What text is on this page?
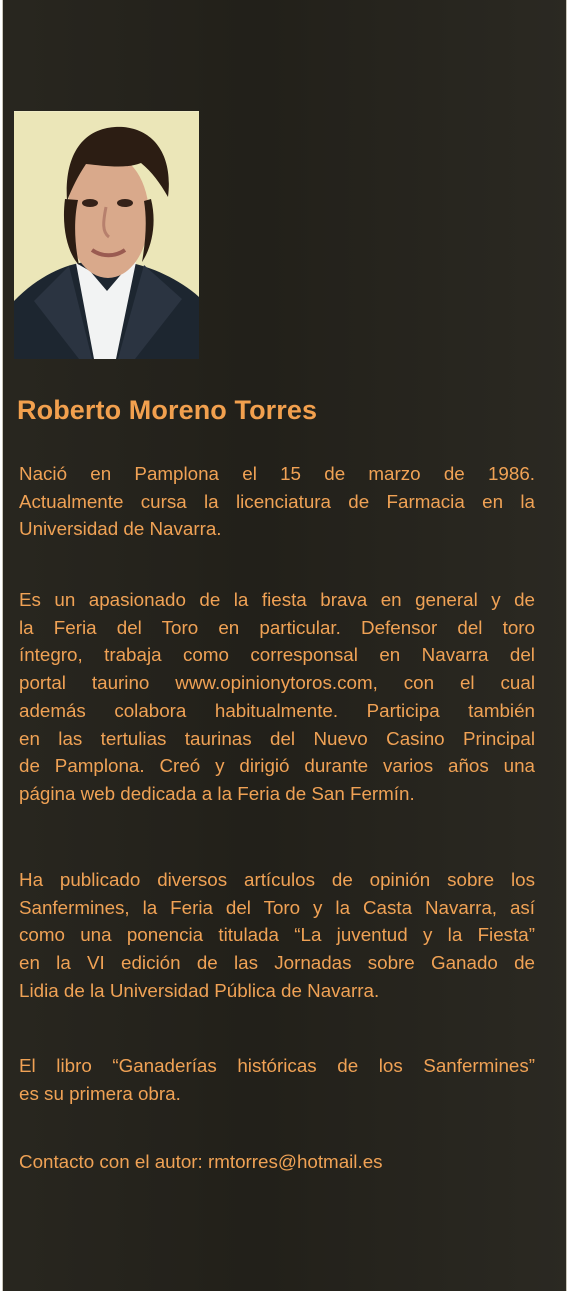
Roberto Moreno Torres

Nació en Pamplona el 15 de marzo de 1986.
Actualmente cursa la licenciatura de Farmacia en la
Universidad de Navarra.

Es un apasionado de la fiesta brava en general y de
la Feria del Toro en particular. Defensor del toro
íntegro, trabaja como corresponsal en Navarra del
portal taurino www.opinionytoros.com, con el cual
además colabora habitualmente. Participa también
en las tertulias taurinas del Nuevo Casino Principal
de Pamplona. Creó y dirigió durante varios años una
página web dedicada a la Feria de San Fermín.

Ha publicado diversos artículos de opinión sobre los
Sanfermines, la Feria del Toro y la Casta Navarra, así
como una ponencia titulada “La juventud y la Fiesta”
en la VI edición de las Jornadas sobre Ganado de
Lidia de la Universidad Pública de Navarra.

El libro “Ganaderías históricas de los Sanfermines”
es su primera obra.

Contacto con el autor: rmtorres@hotmail.es
